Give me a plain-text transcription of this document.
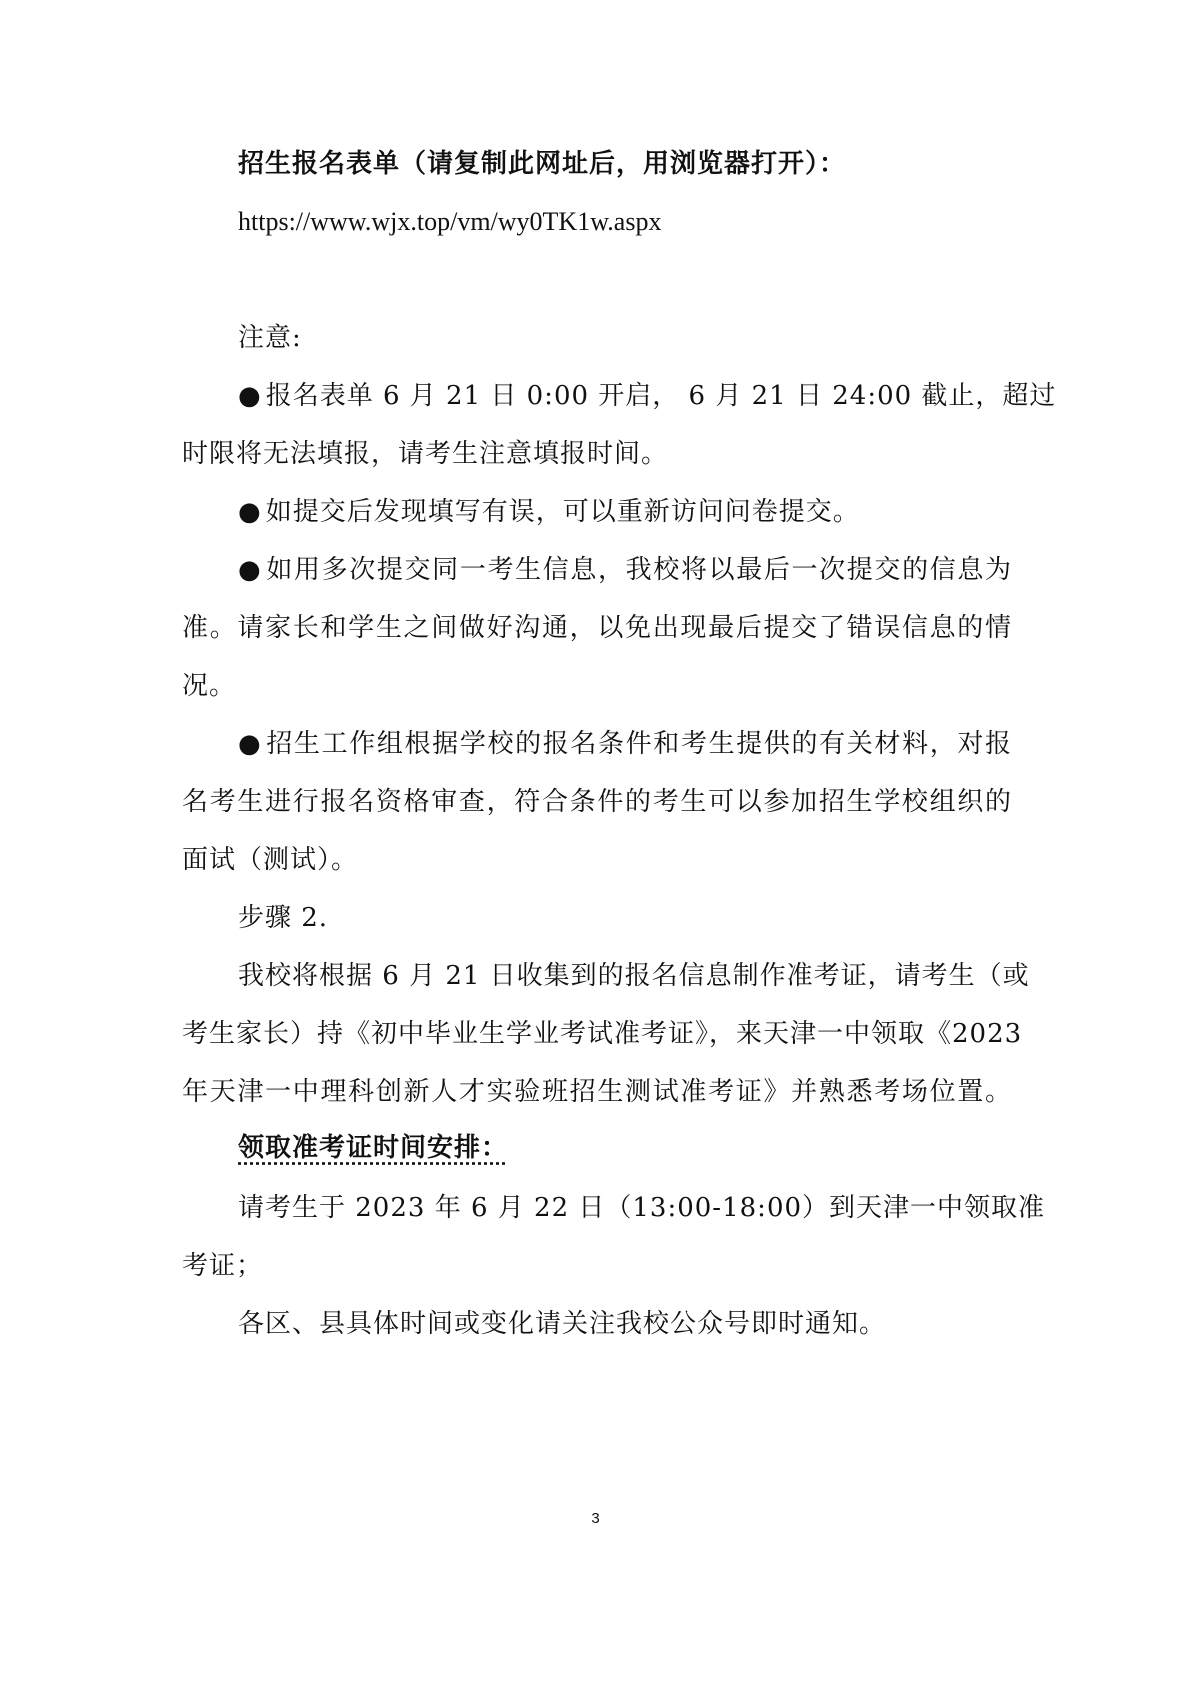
招生报名表单（请复制此网址后，用浏览器打开）：
https://www.wjx.top/vm/wy0TK1w.aspx
注意:
● 报名表单 6 月 21 日 0:00 开启， 6 月 21 日 24:00 截止，超过
时限将无法填报，请考生注意填报时间。
● 如提交后发现填写有误，可以重新访问问卷提交。
● 如用多次提交同一考生信息，我校将以最后一次提交的信息为
准。请家长和学生之间做好沟通，以免出现最后提交了错误信息的情
况。
● 招生工作组根据学校的报名条件和考生提供的有关材料，对报
名考生进行报名资格审查，符合条件的考生可以参加招生学校组织的
面试（测试）。
步骤 2.
我校将根据 6 月 21 日收集到的报名信息制作准考证，请考生（或
考生家长）持《初中毕业生学业考试准考证》，来天津一中领取《2023
年天津一中理科创新人才实验班招生测试准考证》并熟悉考场位置。
领取准考证时间安排：
请考生于 2023 年 6 月 22 日（13:00-18:00）到天津一中领取准
考证；
各区、县具体时间或变化请关注我校公众号即时通知。
3
